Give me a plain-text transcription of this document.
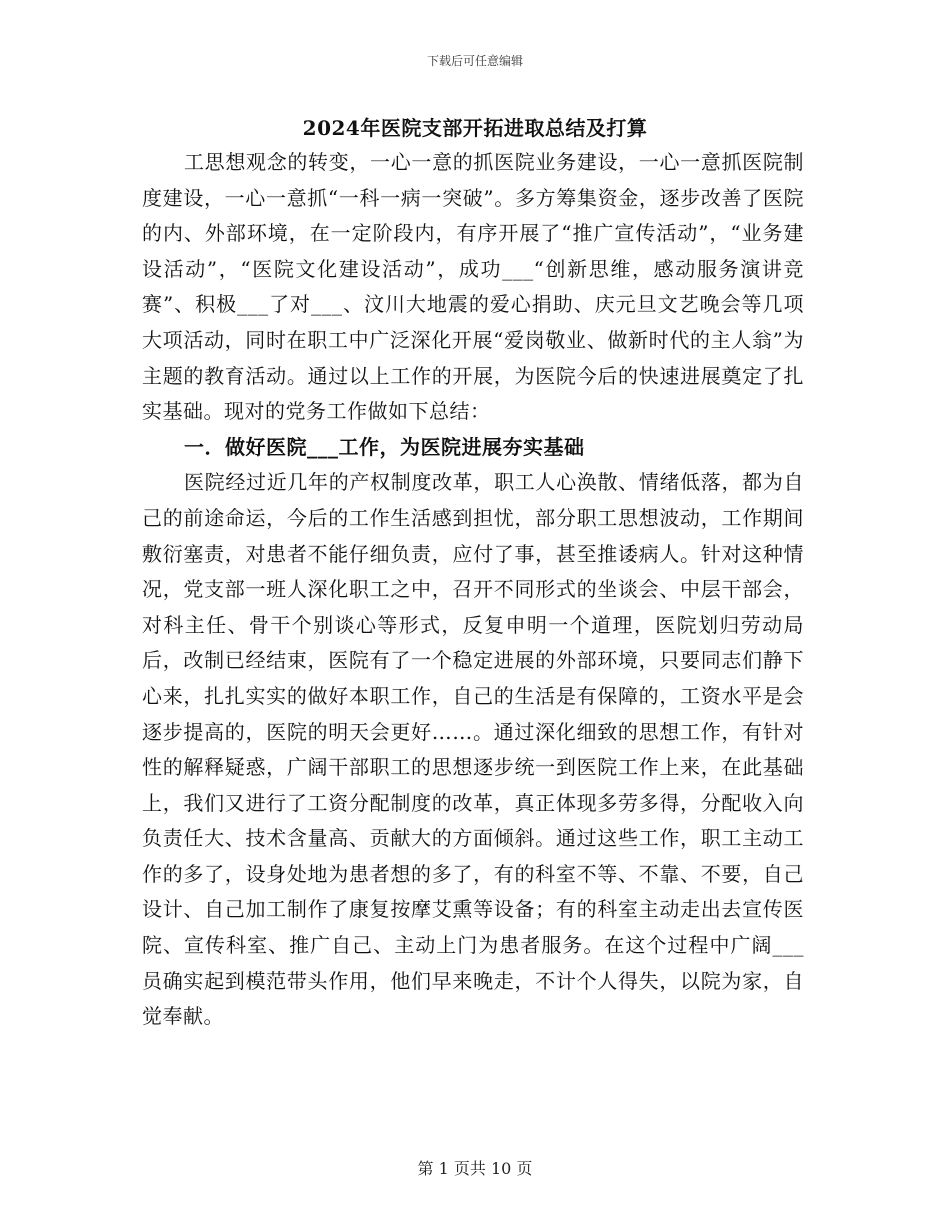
下载后可任意编辑
2024年医院支部开拓进取总结及打算

工思想观念的转变，一心一意的抓医院业务建设，一心一意抓医院制度建设，一心一意抓“一科一病一突破”。多方筹集资金，逐步改善了医院的内、外部环境，在一定阶段内，有序开展了“推广宣传活动”，“业务建设活动”，“医院文化建设活动”，成功___“创新思维，感动服务演讲竞赛”、积极___了对___、汶川大地震的爱心捐助、庆元旦文艺晚会等几项大项活动，同时在职工中广泛深化开展“爱岗敬业、做新时代的主人翁”为主题的教育活动。通过以上工作的开展，为医院今后的快速进展奠定了扎实基础。现对的党务工作做如下总结：

一．做好医院___工作，为医院进展夯实基础

医院经过近几年的产权制度改革，职工人心涣散、情绪低落，都为自己的前途命运，今后的工作生活感到担忧，部分职工思想波动，工作期间敷衍塞责，对患者不能仔细负责，应付了事，甚至推诿病人。针对这种情况，党支部一班人深化职工之中，召开不同形式的坐谈会、中层干部会，对科主任、骨干个别谈心等形式，反复申明一个道理，医院划归劳动局后，改制已经结束，医院有了一个稳定进展的外部环境，只要同志们静下心来，扎扎实实的做好本职工作，自己的生活是有保障的，工资水平是会逐步提高的，医院的明天会更好……。通过深化细致的思想工作，有针对性的解释疑惑，广阔干部职工的思想逐步统一到医院工作上来，在此基础上，我们又进行了工资分配制度的改革，真正体现多劳多得，分配收入向负责任大、技术含量高、贡献大的方面倾斜。通过这些工作，职工主动工作的多了，设身处地为患者想的多了，有的科室不等、不靠、不要，自己设计、自己加工制作了康复按摩艾熏等设备；有的科室主动走出去宣传医院、宣传科室、推广自己、主动上门为患者服务。在这个过程中广阔___员确实起到模范带头作用，他们早来晚走，不计个人得失，以院为家，自觉奉献。

第 1 页共 10 页
